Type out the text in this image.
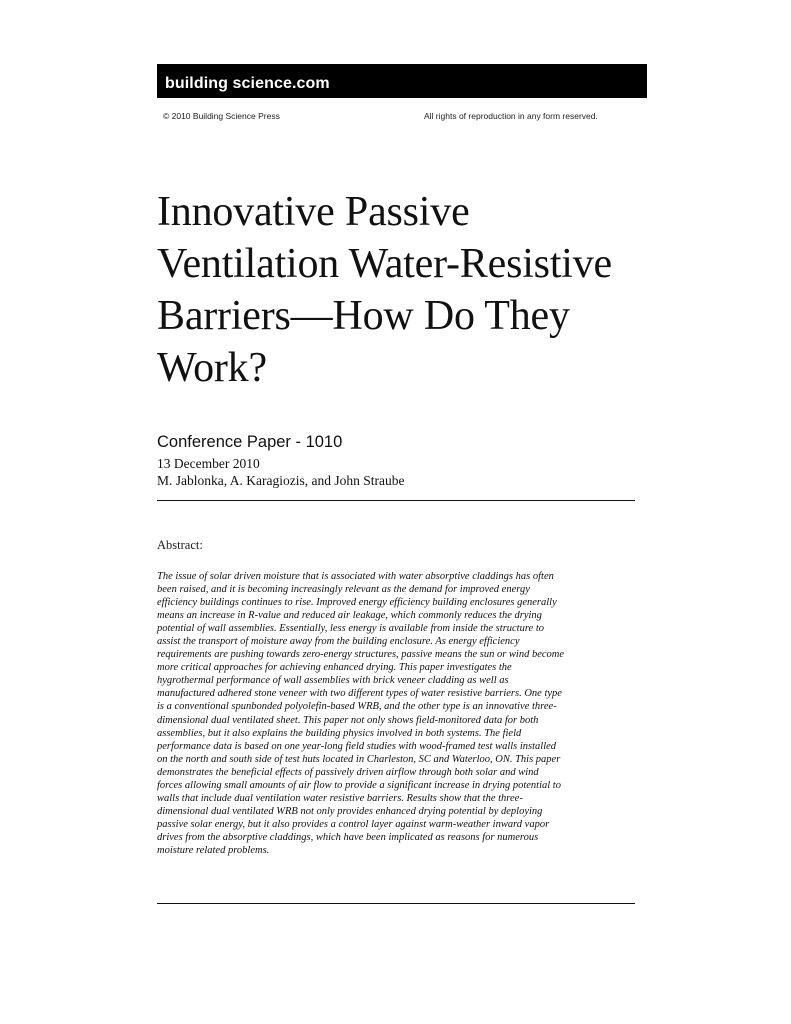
building science.com
© 2010 Building Science Press	All rights of reproduction in any form reserved.
Innovative Passive
Ventilation Water-Resistive
Barriers—How Do They
Work?
Conference Paper - 1010
13 December 2010
M. Jablonka, A. Karagiozis, and John Straube
Abstract:
The issue of solar driven moisture that is associated with water absorptive claddings has often
been raised, and it is becoming increasingly relevant as the demand for improved energy
efficiency buildings continues to rise. Improved energy efficiency building enclosures generally
means an increase in R-value and reduced air leakage, which commonly reduces the drying
potential of wall assemblies. Essentially, less energy is available from inside the structure to
assist the transport of moisture away from the building enclosure. As energy efficiency
requirements are pushing towards zero-energy structures, passive means the sun or wind become
more critical approaches for achieving enhanced drying. This paper investigates the
hygrothermal performance of wall assemblies with brick veneer cladding as well as
manufactured adhered stone veneer with two different types of water resistive barriers. One type
is a conventional spunbonded polyolefin-based WRB, and the other type is an innovative three-
dimensional dual ventilated sheet. This paper not only shows field-monitored data for both
assemblies, but it also explains the building physics involved in both systems. The field
performance data is based on one year-long field studies with wood-framed test walls installed
on the north and south side of test huts located in Charleston, SC and Waterloo, ON. This paper
demonstrates the beneficial effects of passively driven airflow through both solar and wind
forces allowing small amounts of air flow to provide a significant increase in drying potential to
walls that include dual ventilation water resistive barriers. Results show that the three-
dimensional dual ventilated WRB not only provides enhanced drying potential by deploying
passive solar energy, but it also provides a control layer against warm-weather inward vapor
drives from the absorptive claddings, which have been implicated as reasons for numerous
moisture related problems.
